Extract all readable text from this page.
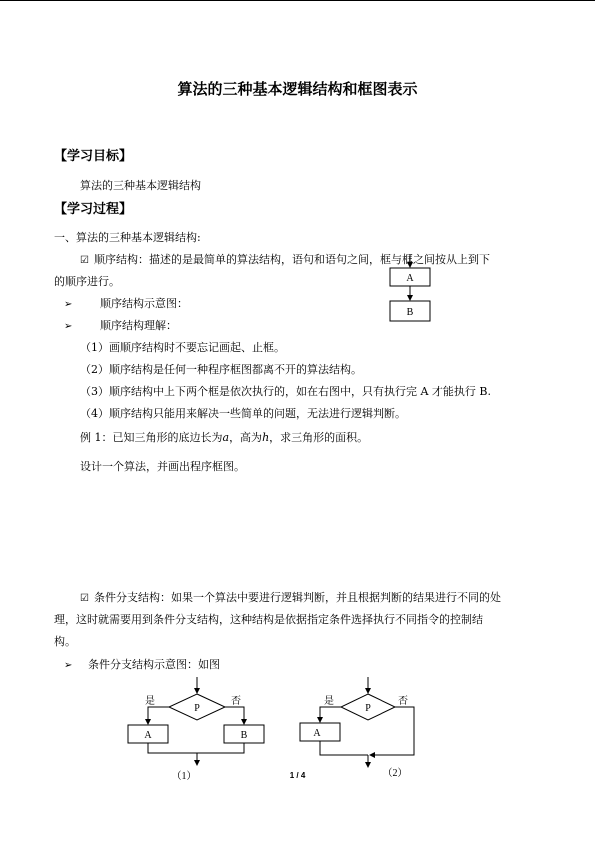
算法的三种基本逻辑结构和框图表示
【学习目标】
算法的三种基本逻辑结构
【学习过程】
一、算法的三种基本逻辑结构:
☑ 顺序结构：描述的是最简单的算法结构，语句和语句之间，框与框之间按从上到下
的顺序进行。
➢	顺序结构示意图：
➢	顺序结构理解：
（1）画顺序结构时不要忘记画起、止框。
（2）顺序结构是任何一种程序框图都离不开的算法结构。
（3）顺序结构中上下两个框是依次执行的，如在右图中，只有执行完 A 才能执行 B.
（4）顺序结构只能用来解决一些简单的问题，无法进行逻辑判断。
例 1：已知三角形的底边长为a，高为h，求三角形的面积。
设计一个算法，并画出程序框图。
A
B
☑ 条件分支结构：如果一个算法中要进行逻辑判断，并且根据判断的结果进行不同的处
理，这时就需要用到条件分支结构，这种结构是依据指定条件选择执行不同指令的控制结
构。
➢ 条件分支结构示意图：如图
P
是	否
A	B
（1）
P
是	否
A
（2）
1 / 4
